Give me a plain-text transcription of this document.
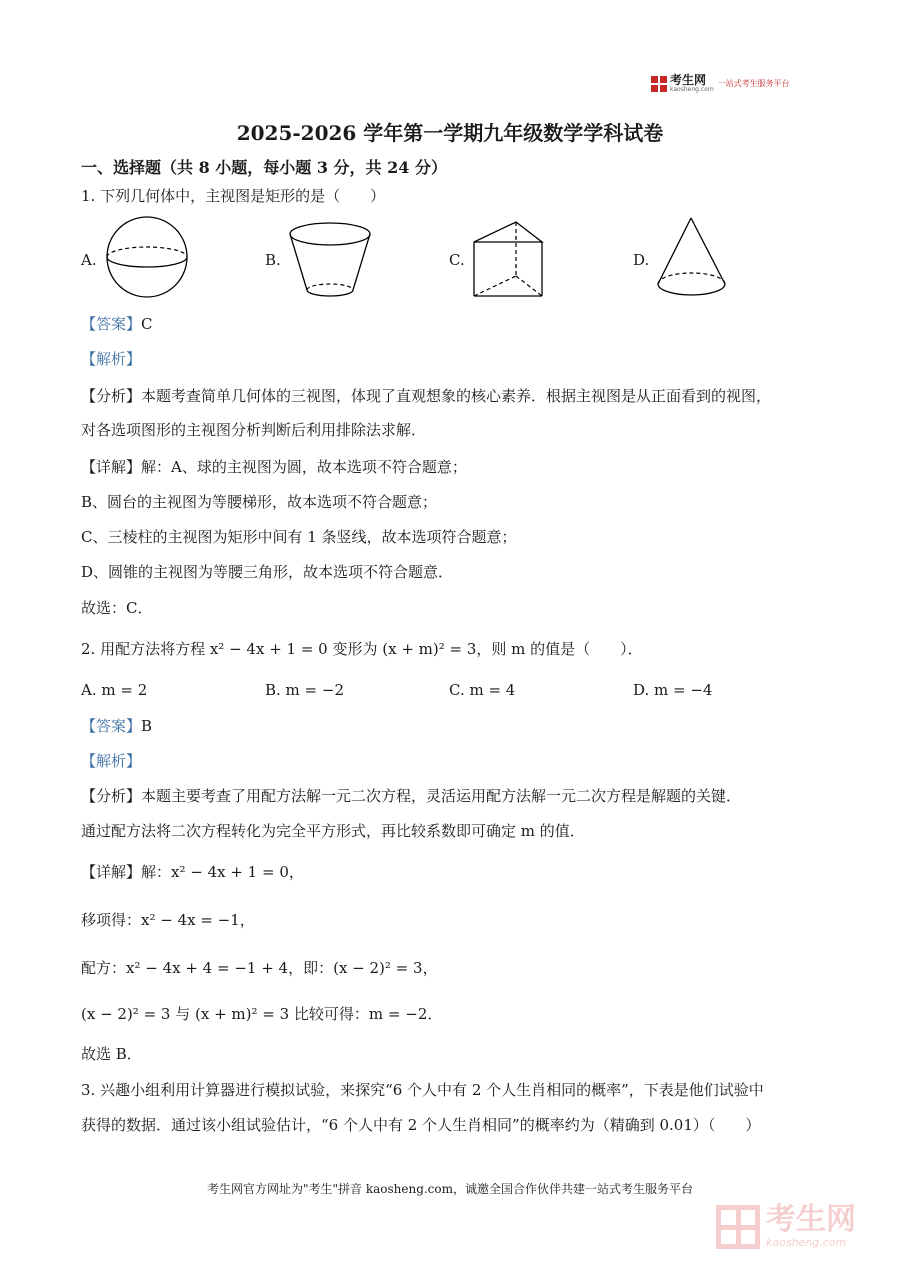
考生网
kaosheng.com
一站式考生服务平台
2025-2026 学年第一学期九年级数学学科试卷
一、选择题（共 8 小题，每小题 3 分，共 24 分）
1. 下列几何体中，主视图是矩形的是（　　）
A.	B.	C.	D.
【答案】C
【解析】
【分析】本题考查简单几何体的三视图，体现了直观想象的核心素养．根据主视图是从正面看到的视图，
对各选项图形的主视图分析判断后利用排除法求解．
【详解】解：A、球的主视图为圆，故本选项不符合题意；
B、圆台的主视图为等腰梯形，故本选项不符合题意；
C、三棱柱的主视图为矩形中间有 1 条竖线，故本选项符合题意；
D、圆锥的主视图为等腰三角形，故本选项不符合题意．
故选：C．
2. 用配方法将方程 x² − 4x + 1 = 0 变形为 (x + m)² = 3，则 m 的值是（　　）．
A. m = 2	B. m = −2	C. m = 4	D. m = −4
【答案】B
【解析】
【分析】本题主要考查了用配方法解一元二次方程，灵活运用配方法解一元二次方程是解题的关键．
通过配方法将二次方程转化为完全平方形式，再比较系数即可确定 m 的值．
【详解】解：x² − 4x + 1 = 0，
移项得：x² − 4x = −1，
配方：x² − 4x + 4 = −1 + 4，即：(x − 2)² = 3，
(x − 2)² = 3 与 (x + m)² = 3 比较可得：m = −2．
故选 B．
3. 兴趣小组利用计算器进行模拟试验，来探究“6 个人中有 2 个人生肖相同的概率”，下表是他们试验中
获得的数据．通过该小组试验估计，“6 个人中有 2 个人生肖相同”的概率约为（精确到 0.01）（　　）
考生网官方网址为"考生"拼音 kaosheng.com，诚邀全国合作伙伴共建一站式考生服务平台
考生网
kaosheng.com
